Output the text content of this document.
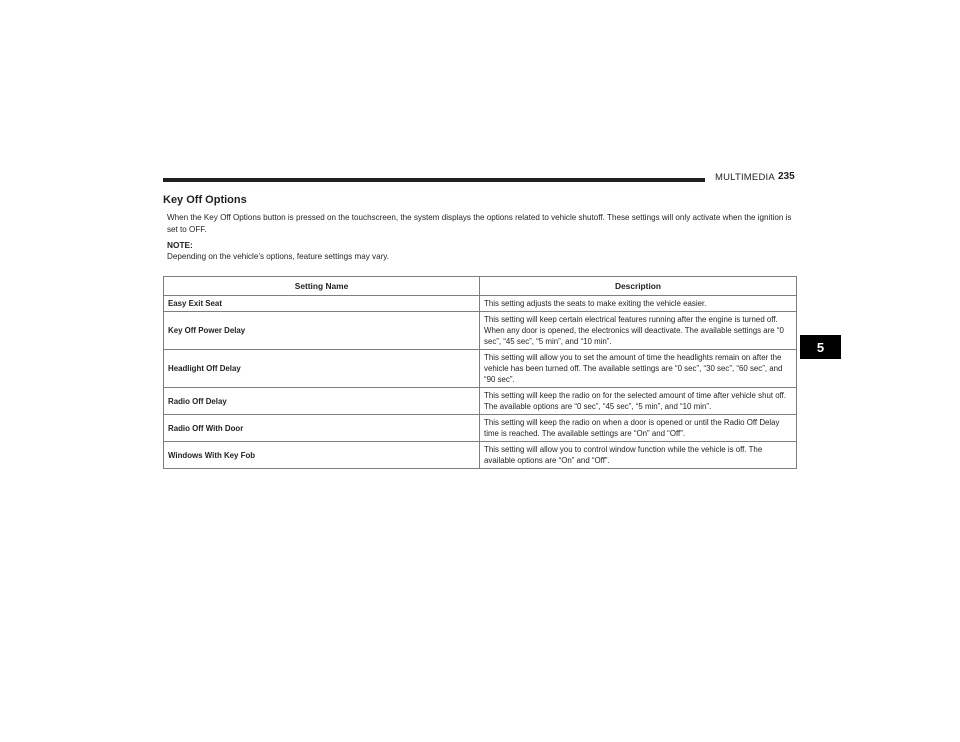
MULTIMEDIA 235
5
Key Off Options

When the Key Off Options button is pressed on the touchscreen, the system displays the options related to vehicle shutoff. These settings will only activate when the ignition is set to OFF.

NOTE:
Depending on the vehicle’s options, feature settings may vary.
Setting Name	Description
Easy Exit Seat	This setting adjusts the seats to make exiting the vehicle easier.
Key Off Power Delay	This setting will keep certain electrical features running after the engine is turned off. When any door is opened, the electronics will deactivate. The available settings are “0 sec”, “45 sec”, “5 min”, and “10 min”.
Headlight Off Delay	This setting will allow you to set the amount of time the headlights remain on after the vehicle has been turned off. The available settings are “0 sec”, “30 sec”, “60 sec”, and “90 sec”.
Radio Off Delay	This setting will keep the radio on for the selected amount of time after vehicle shut off. The available options are “0 sec”, “45 sec”, “5 min”, and “10 min”.
Radio Off With Door	This setting will keep the radio on when a door is opened or until the Radio Off Delay time is reached. The available settings are “On” and “Off”.
Windows With Key Fob	This setting will allow you to control window function while the vehicle is off. The available options are “On” and “Off”.
